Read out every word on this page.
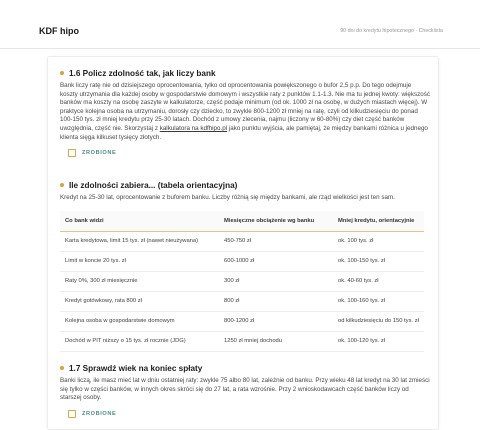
KDF hipo	90 dni do kredytu hipotecznego · Checklista
1.6 Policz zdolność tak, jak liczy bank
Bank liczy ratę nie od dzisiejszego oprocentowania, tylko od oprocentowania powiększonego o bufor 2,5 p.p. Do tego odejmuje koszty utrzymania dla każdej osoby w gospodarstwie domowym i wszystkie raty z punktów 1.1-1.3. Nie ma tu jednej kwoty: większość banków ma koszty na osobę zaszyte w kalkulatorze, część podaje minimum (od ok. 1000 zł na osobę, w dużych miastach więcej). W praktyce kolejna osoba na utrzymaniu, dorosły czy dziecko, to zwykle 800-1200 zł mniej na ratę, czyli od kilkudziesięciu do ponad 100-150 tys. zł mniej kredytu przy 25-30 latach. Dochód z umowy zlecenia, najmu (liczony w 60-80%) czy diet część banków uwzględnia, część nie. Skorzystaj z kalkulatora na kdfhipo.pl jako punktu wyjścia, ale pamiętaj, że między bankami różnica u jednego klienta sięga kilkuset tysięcy złotych.
ZROBIONE
Ile zdolności zabiera... (tabela orientacyjna)
Kredyt na 25-30 lat, oprocentowanie z buforem banku. Liczby różnią się między bankami, ale rząd wielkości jest ten sam.
Co bank widzi	Miesięczne obciążenie wg banku	Mniej kredytu, orientacyjnie
Karta kredytowa, limit 15 tys. zł (nawet nieużywana)	450-750 zł	ok. 100 tys. zł
Limit w koncie 20 tys. zł	600-1000 zł	ok. 100-150 tys. zł
Raty 0%, 300 zł miesięcznie	300 zł	ok. 40-60 tys. zł
Kredyt gotówkowy, rata 800 zł	800 zł	ok. 100-160 tys. zł
Kolejna osoba w gospodarstwie domowym	800-1200 zł	od kilkudziesięciu do 150 tys. zł
Dochód w PIT niższy o 15 tys. zł rocznie (JDG)	1250 zł mniej dochodu	ok. 100-120 tys. zł
1.7 Sprawdź wiek na koniec spłaty
Banki liczą, ile masz mieć lat w dniu ostatniej raty: zwykle 75 albo 80 lat, zależnie od banku. Przy wieku 48 lat kredyt na 30 lat zmieści się tylko w części banków, w innych okres skróci się do 27 lat, a rata wzrośnie. Przy 2 wnioskodawcach część banków liczy od starszej osoby.
ZROBIONE
